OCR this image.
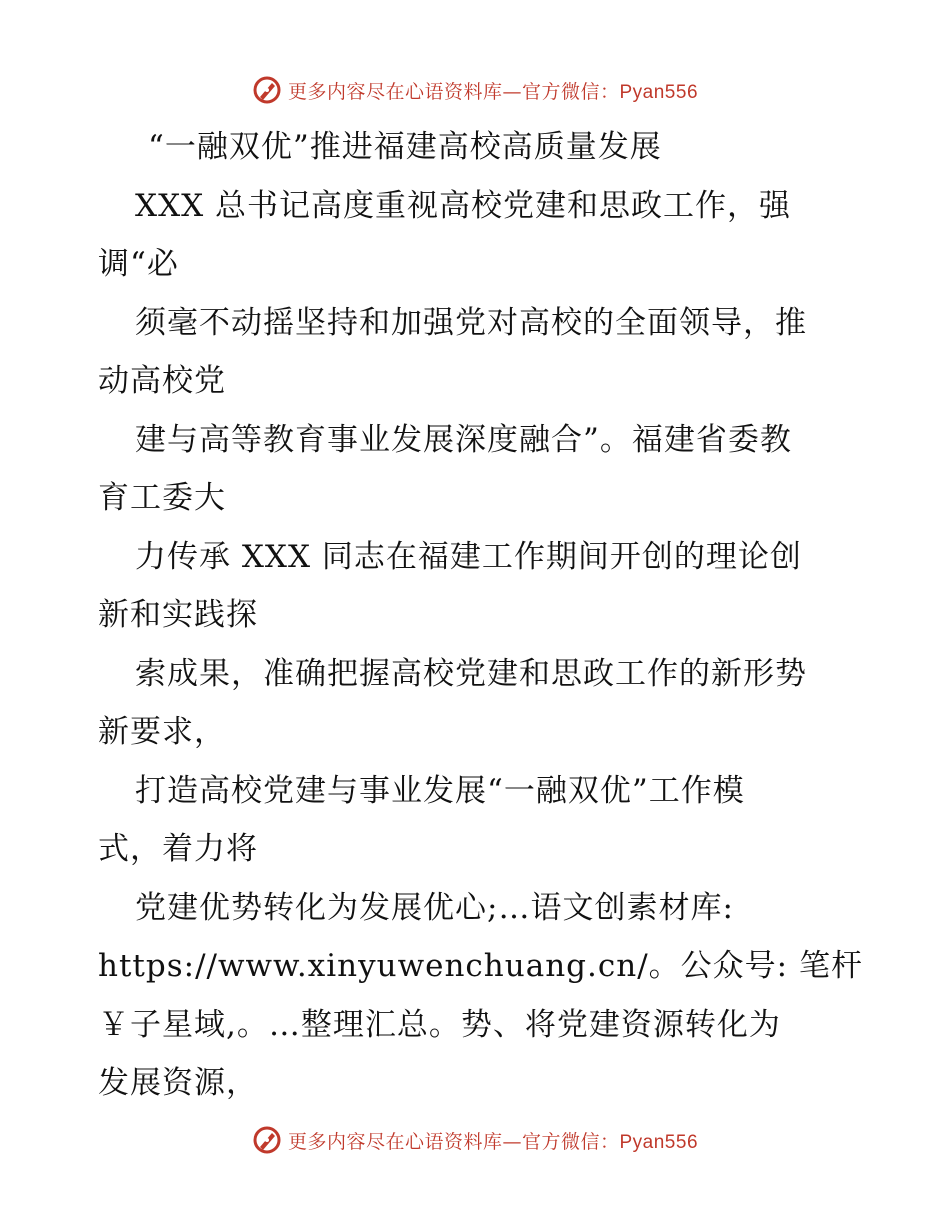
更多内容尽在心语资料库—官方微信：Pyan556
“一融双优”推进福建高校高质量发展
XXX 总书记高度重视高校党建和思政工作，强
调“必
须毫不动摇坚持和加强党对高校的全面领导，推
动高校党
建与高等教育事业发展深度融合”。福建省委教
育工委大
力传承 XXX 同志在福建工作期间开创的理论创
新和实践探
索成果，准确把握高校党建和思政工作的新形势
新要求，
打造高校党建与事业发展“一融双优”工作模
式，着力将
党建优势转化为发展优心;…语文创素材库:
https://www.xinyuwenchuang.cn/。公众号: 笔杆
￥子星域,。…整理汇总。势、将党建资源转化为
发展资源，
更多内容尽在心语资料库—官方微信：Pyan556
